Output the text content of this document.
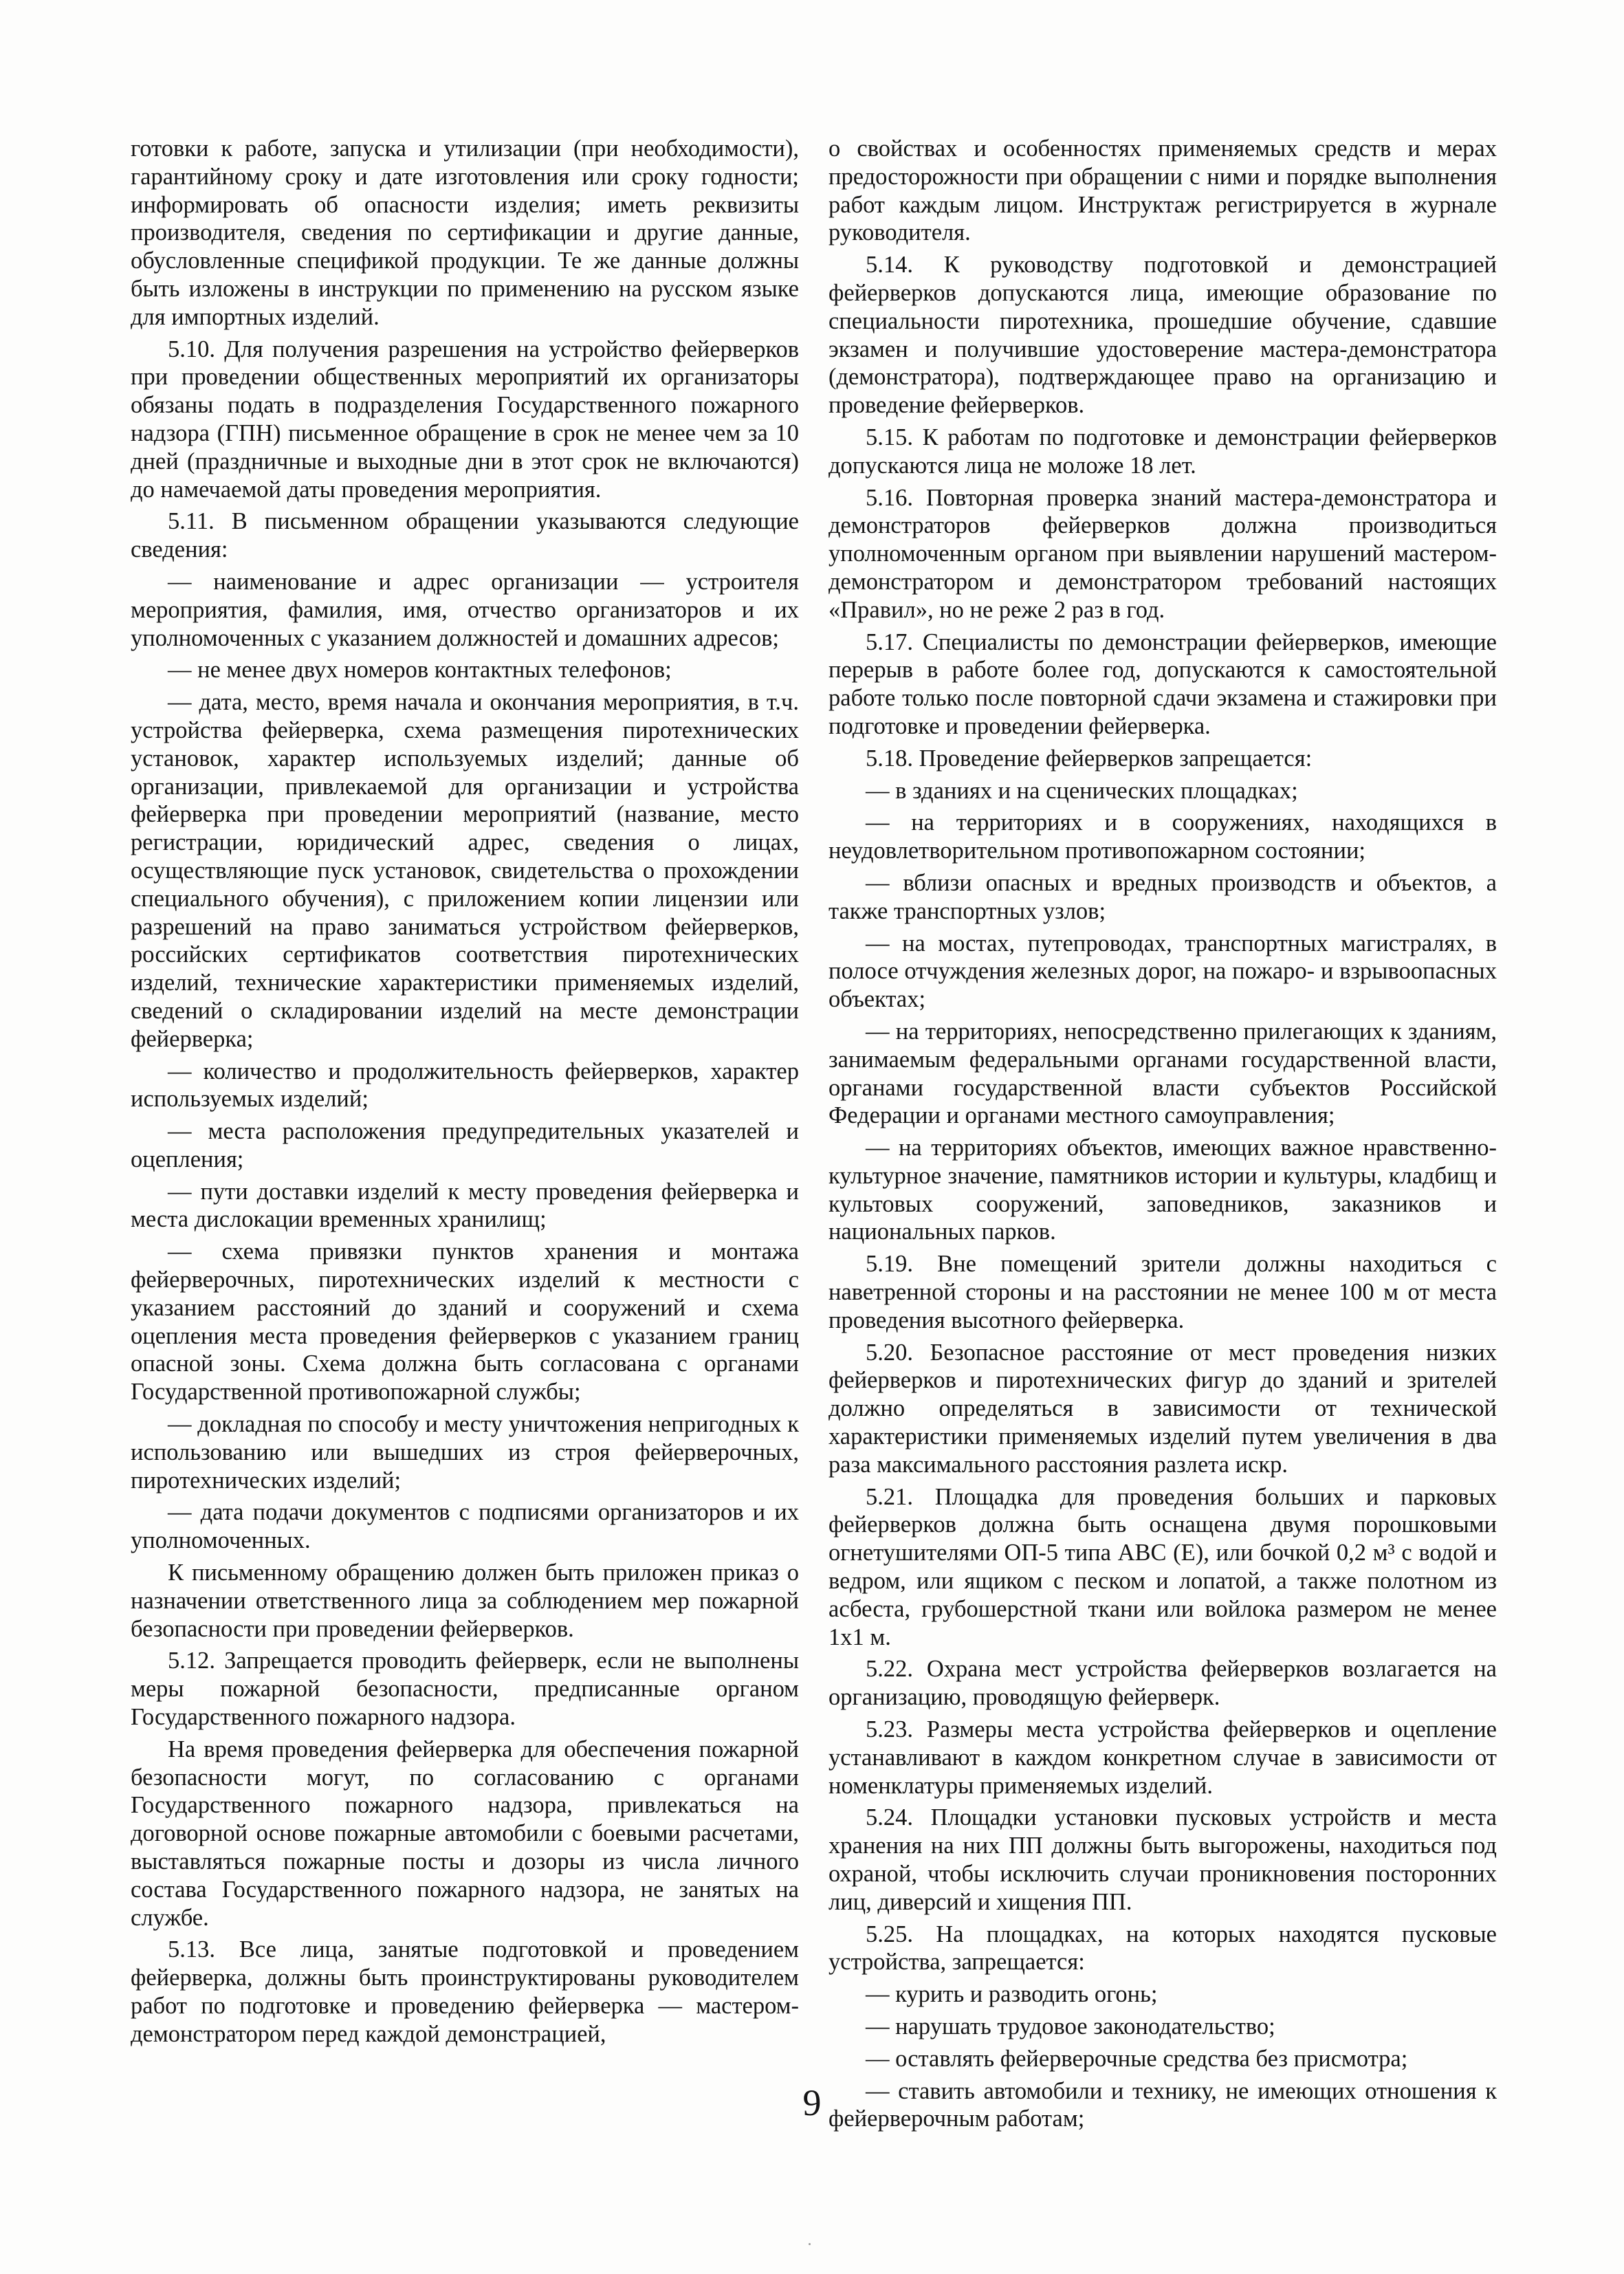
готовки к работе, запуска и утилизации (при необходимости), гарантийному сроку и дате изготовления или сроку годности; информировать об опасности изделия; иметь реквизиты производителя, сведения по сертификации и другие данные, обусловленные спецификой продукции. Те же данные должны быть изложены в инструкции по применению на русском языке для импортных изделий.

5.10. Для получения разрешения на устройство фейерверков при проведении общественных мероприятий их организаторы обязаны подать в подразделения Государственного пожарного надзора (ГПН) письменное обращение в срок не менее чем за 10 дней (праздничные и выходные дни в этот срок не включаются) до намечаемой даты проведения мероприятия.

5.11. В письменном обращении указываются следующие сведения:

— наименование и адрес организации — устроителя мероприятия, фамилия, имя, отчество организаторов и их уполномоченных с указанием должностей и домашних адресов;

— не менее двух номеров контактных телефонов;

— дата, место, время начала и окончания мероприятия, в т.ч. устройства фейерверка, схема размещения пиротехнических установок, характер используемых изделий; данные об организации, привлекаемой для организации и устройства фейерверка при проведении мероприятий (название, место регистрации, юридический адрес, сведения о лицах, осуществляющие пуск установок, свидетельства о прохождении специального обучения), с приложением копии лицензии или разрешений на право заниматься устройством фейерверков, российских сертификатов соответствия пиротехнических изделий, технические характеристики применяемых изделий, сведений о складировании изделий на месте демонстрации фейерверка;

— количество и продолжительность фейерверков, характер используемых изделий;

— места расположения предупредительных указателей и оцепления;

— пути доставки изделий к месту проведения фейерверка и места дислокации временных хранилищ;

— схема привязки пунктов хранения и монтажа фейерверочных, пиротехнических изделий к местности с указанием расстояний до зданий и сооружений и схема оцепления места проведения фейерверков с указанием границ опасной зоны. Схема должна быть согласована с органами Государственной противопожарной службы;

— докладная по способу и месту уничтожения непригодных к использованию или вышедших из строя фейерверочных, пиротехнических изделий;

— дата подачи документов с подписями организаторов и их уполномоченных.

К письменному обращению должен быть приложен приказ о назначении ответственного лица за соблюдением мер пожарной безопасности при проведении фейерверков.

5.12. Запрещается проводить фейерверк, если не выполнены меры пожарной безопасности, предписанные органом Государственного пожарного надзора.

На время проведения фейерверка для обеспечения пожарной безопасности могут, по согласованию с органами Государственного пожарного надзора, привлекаться на договорной основе пожарные автомобили с боевыми расчетами, выставляться пожарные посты и дозоры из числа личного состава Государственного пожарного надзора, не занятых на службе.

5.13. Все лица, занятые подготовкой и проведением фейерверка, должны быть проинструктированы руководителем работ по подготовке и проведению фейерверка — мастером-демонстратором перед каждой демонстрацией,

о свойствах и особенностях применяемых средств и мерах предосторожности при обращении с ними и порядке выполнения работ каждым лицом. Инструктаж регистрируется в журнале руководителя.

5.14. К руководству подготовкой и демонстрацией фейерверков допускаются лица, имеющие образование по специальности пиротехника, прошедшие обучение, сдавшие экзамен и получившие удостоверение мастера-демонстратора (демонстратора), подтверждающее право на организацию и проведение фейерверков.

5.15. К работам по подготовке и демонстрации фейерверков допускаются лица не моложе 18 лет.

5.16. Повторная проверка знаний мастера-демонстратора и демонстраторов фейерверков должна производиться уполномоченным органом при выявлении нарушений мастером-демонстратором и демонстратором требований настоящих «Правил», но не реже 2 раз в год.

5.17. Специалисты по демонстрации фейерверков, имеющие перерыв в работе более год, допускаются к самостоятельной работе только после повторной сдачи экзамена и стажировки при подготовке и проведении фейерверка.

5.18. Проведение фейерверков запрещается:

— в зданиях и на сценических площадках;

— на территориях и в сооружениях, находящихся в неудовлетворительном противопожарном состоянии;

— вблизи опасных и вредных производств и объектов, а также транспортных узлов;

— на мостах, путепроводах, транспортных магистралях, в полосе отчуждения железных дорог, на пожаро- и взрывоопасных объектах;

— на территориях, непосредственно прилегающих к зданиям, занимаемым федеральными органами государственной власти, органами государственной власти субъектов Российской Федерации и органами местного самоуправления;

— на территориях объектов, имеющих важное нравственно-культурное значение, памятников истории и культуры, кладбищ и культовых сооружений, заповедников, заказников и национальных парков.

5.19. Вне помещений зрители должны находиться с наветренной стороны и на расстоянии не менее 100 м от места проведения высотного фейерверка.

5.20. Безопасное расстояние от мест проведения низких фейерверков и пиротехнических фигур до зданий и зрителей должно определяться в зависимости от технической характеристики применяемых изделий путем увеличения в два раза максимального расстояния разлета искр.

5.21. Площадка для проведения больших и парковых фейерверков должна быть оснащена двумя порошковыми огнетушителями ОП-5 типа АВС (Е), или бочкой 0,2 м³ с водой и ведром, или ящиком с песком и лопатой, а также полотном из асбеста, грубошерстной ткани или войлока размером не менее 1х1 м.

5.22. Охрана мест устройства фейерверков возлагается на организацию, проводящую фейерверк.

5.23. Размеры места устройства фейерверков и оцепление устанавливают в каждом конкретном случае в зависимости от номенклатуры применяемых изделий.

5.24. Площадки установки пусковых устройств и места хранения на них ПП должны быть выгорожены, находиться под охраной, чтобы исключить случаи проникновения посторонних лиц, диверсий и хищения ПП.

5.25. На площадках, на которых находятся пусковые устройства, запрещается:

— курить и разводить огонь;

— нарушать трудовое законодательство;

— оставлять фейерверочные средства без присмотра;

— ставить автомобили и технику, не имеющих отношения к фейерверочным работам;

9
